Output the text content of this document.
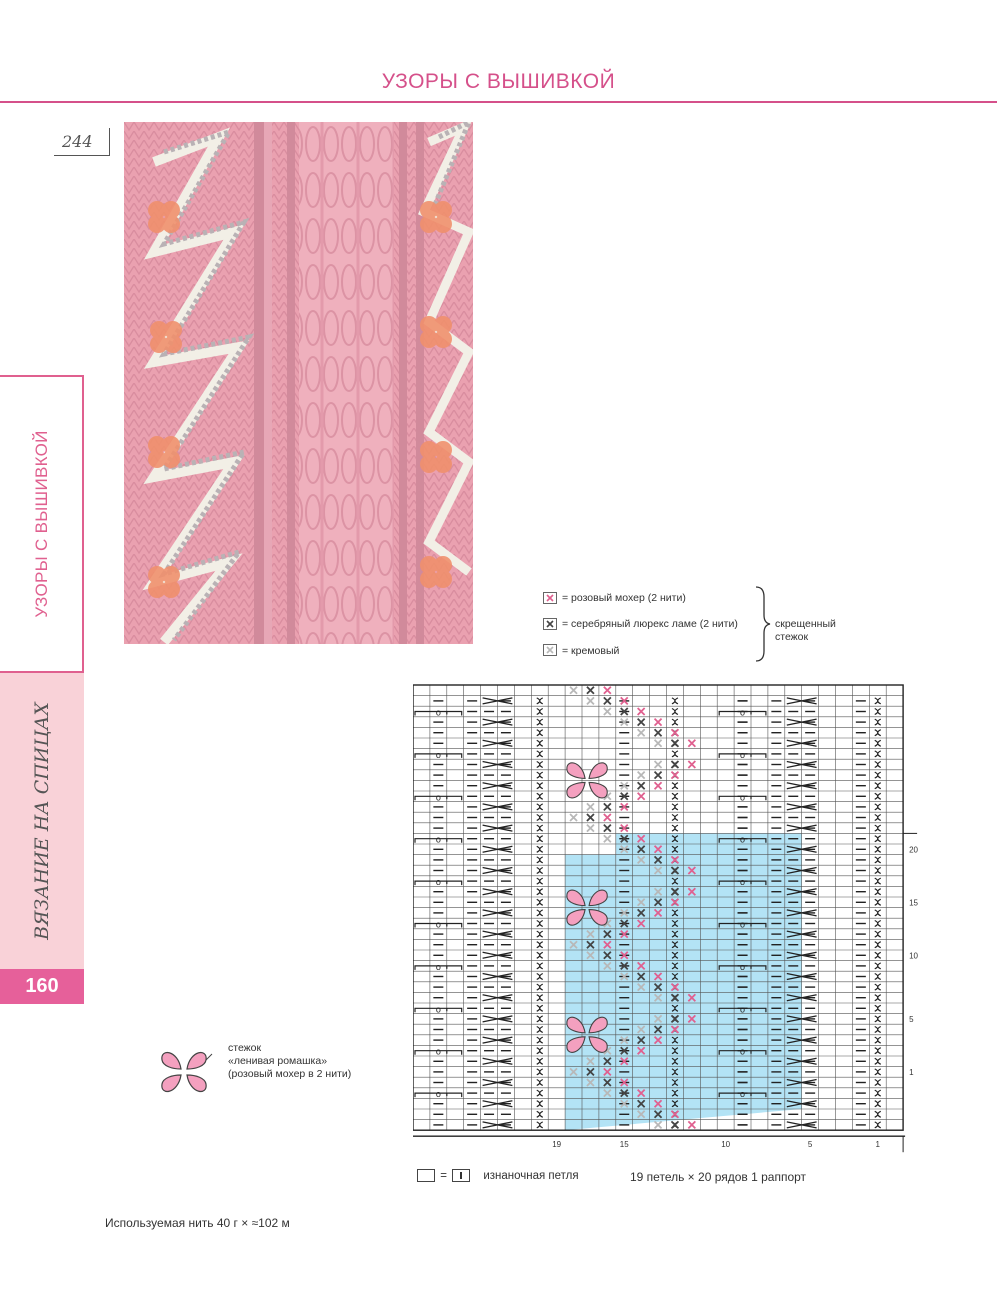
УЗОРЫ С ВЫШИВКОЙ
244
УЗОРЫ С ВЫШИВКОЙ
ВЯЗАНИЕ НА СПИЦАХ
160
= розовый мохер (2 нити)
= серебряный люрекс ламе (2 нити)
= кремовый
скрещенный
стежок
о	о
о	о
о	о
о	о
о	о
о	о
о	о
о	о
о	о
о	о
20
15
10
5
1
19	15	10	5	1
стежок
«ленивая ромашка»
(розовый мохер в 2 нити)
=	изнаночная петля	19 петель × 20 рядов 1 раппорт
Используемая нить 40 г × ≈102 м
